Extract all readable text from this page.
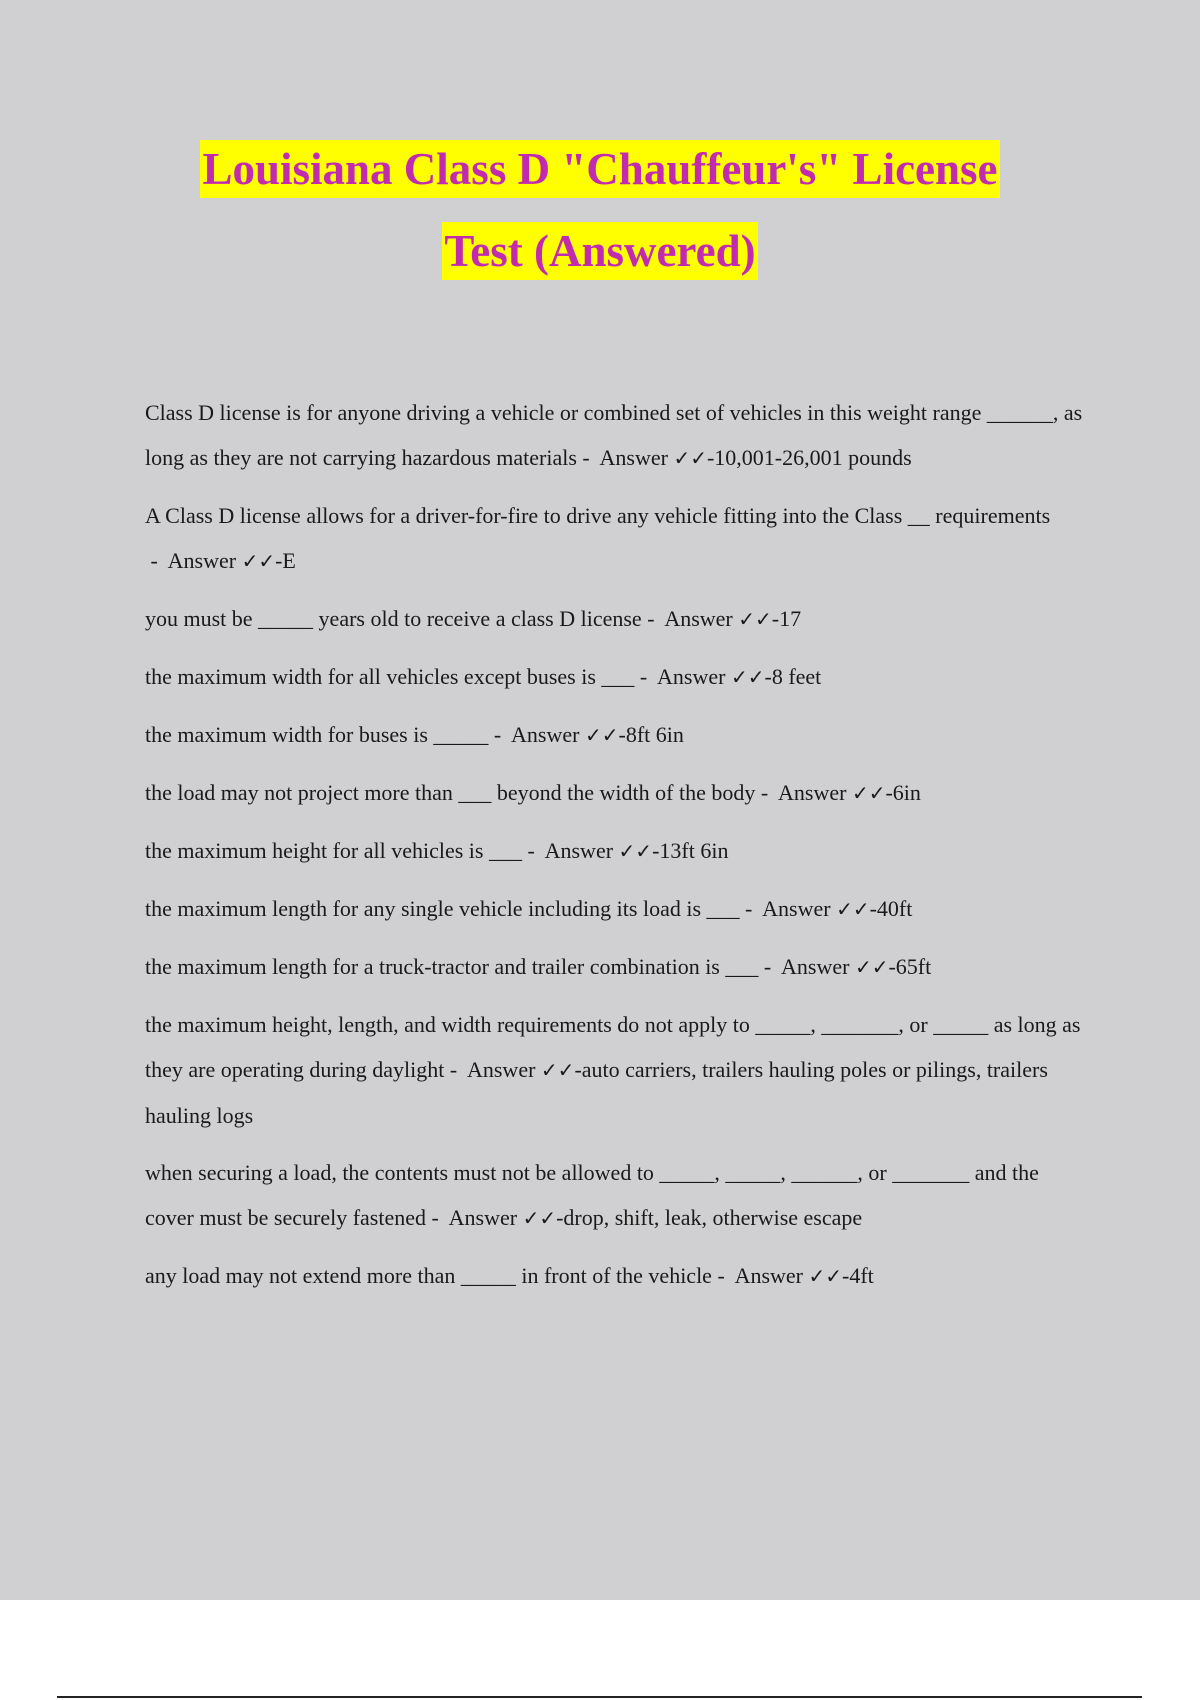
Louisiana Class D "Chauffeur's" License
Test (Answered)

Class D license is for anyone driving a vehicle or combined set of vehicles in this weight range ______, as long as they are not carrying hazardous materials -  Answer ✓✓-10,001-26,001 pounds

A Class D license allows for a driver-for-fire to drive any vehicle fitting into the Class __ requirements -  Answer ✓✓-E

you must be _____ years old to receive a class D license -  Answer ✓✓-17

the maximum width for all vehicles except buses is ___ -  Answer ✓✓-8 feet

the maximum width for buses is _____ -  Answer ✓✓-8ft 6in

the load may not project more than ___ beyond the width of the body -  Answer ✓✓-6in

the maximum height for all vehicles is ___ -  Answer ✓✓-13ft 6in

the maximum length for any single vehicle including its load is ___ -  Answer ✓✓-40ft

the maximum length for a truck-tractor and trailer combination is ___ -  Answer ✓✓-65ft

the maximum height, length, and width requirements do not apply to _____, _______, or _____ as long as they are operating during daylight -  Answer ✓✓-auto carriers, trailers hauling poles or pilings, trailers hauling logs

when securing a load, the contents must not be allowed to _____, _____, ______, or _______ and the cover must be securely fastened -  Answer ✓✓-drop, shift, leak, otherwise escape

any load may not extend more than _____ in front of the vehicle -  Answer ✓✓-4ft
